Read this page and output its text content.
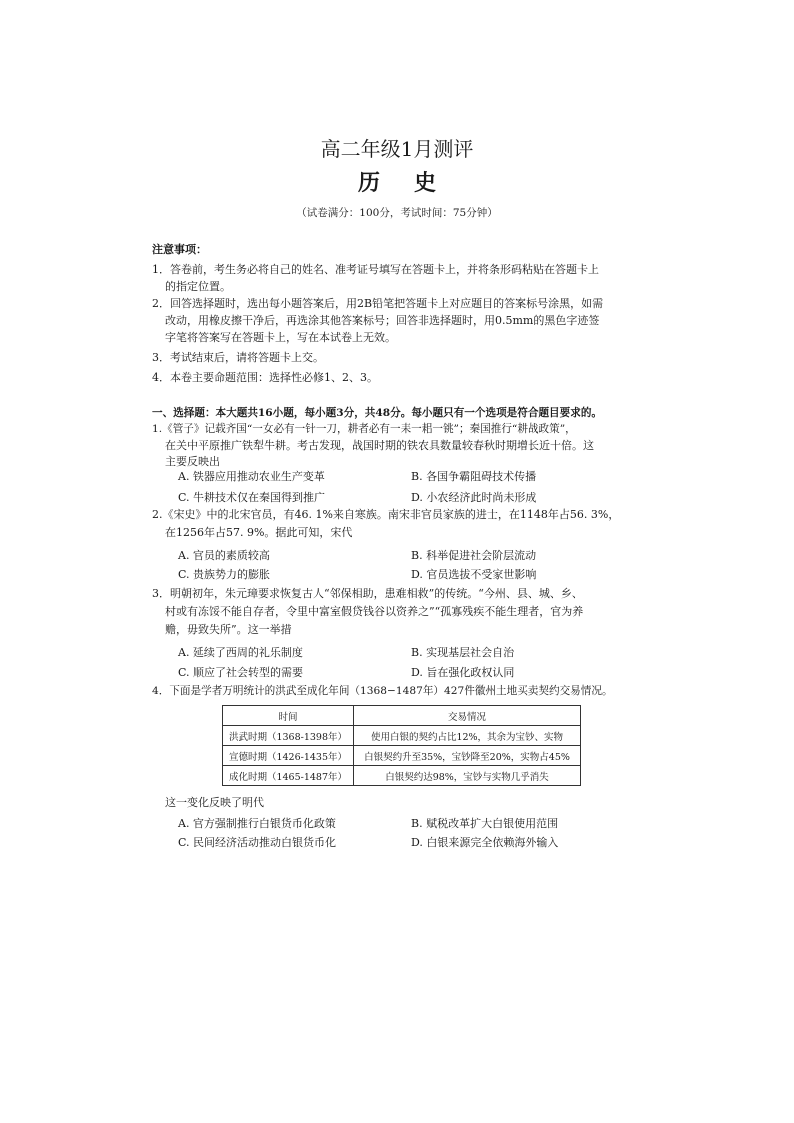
高二年级1月测评
历史
（试卷满分：100分，考试时间：75分钟）
注意事项：
1．答卷前，考生务必将自己的姓名、准考证号填写在答题卡上，并将条形码粘贴在答题卡上
的指定位置。
2．回答选择题时，选出每小题答案后，用2B铅笔把答题卡上对应题目的答案标号涂黑，如需
改动，用橡皮擦干净后，再选涂其他答案标号；回答非选择题时，用0.5mm的黑色字迹签
字笔将答案写在答题卡上，写在本试卷上无效。
3．考试结束后，请将答题卡上交。
4．本卷主要命题范围：选择性必修1、2、3。
一、选择题：本大题共16小题，每小题3分，共48分。每小题只有一个选项是符合题目要求的。
1.《管子》记载齐国“一女必有一针一刀，耕者必有一耒一耜一铫”；秦国推行“耕战政策”，
在关中平原推广铁犁牛耕。考古发现，战国时期的铁农具数量较春秋时期增长近十倍。这
主要反映出
A. 铁器应用推动农业生产变革	B. 各国争霸阻碍技术传播
C. 牛耕技术仅在秦国得到推广	D. 小农经济此时尚未形成
2.《宋史》中的北宋官员，有46. 1%来自寒族。南宋非官员家族的进士，在1148年占56. 3%，
在1256年占57. 9%。据此可知，宋代
A. 官员的素质较高	B. 科举促进社会阶层流动
C. 贵族势力的膨胀	D. 官员选拔不受家世影响
3．明朝初年，朱元璋要求恢复古人“邻保相助，患难相救”的传统。“今州、县、城、乡、
村或有冻馁不能自存者，令里中富室假贷钱谷以资养之”“孤寡残疾不能生理者，官为养
赡，毋致失所”。这一举措
A. 延续了西周的礼乐制度	B. 实现基层社会自治
C. 顺应了社会转型的需要	D. 旨在强化政权认同
4．下面是学者万明统计的洪武至成化年间（1368−1487年）427件徽州土地买卖契约交易情况。
时间	交易情况
洪武时期（1368-1398年）	使用白银的契约占比12%，其余为宝钞、实物
宣德时期（1426-1435年）	白银契约升至35%，宝钞降至20%，实物占45%
成化时期（1465-1487年）	白银契约达98%，宝钞与实物几乎消失
这一变化反映了明代
A. 官方强制推行白银货币化政策	B. 赋税改革扩大白银使用范围
C. 民间经济活动推动白银货币化	D. 白银来源完全依赖海外输入
